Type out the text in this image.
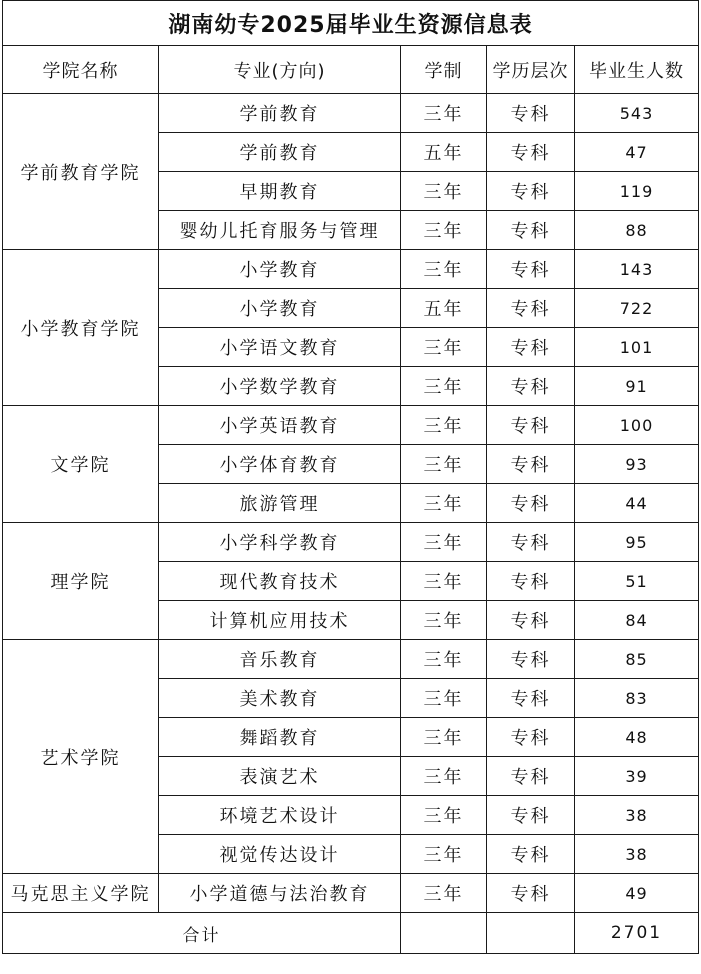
湖南幼专2025届毕业生资源信息表				
学院名称	专业(方向)	学制	学历层次	毕业生人数
学前教育学院	学前教育	三年	专科	543
	学前教育	五年	专科	47
	早期教育	三年	专科	119
	婴幼儿托育服务与管理	三年	专科	88
小学教育学院	小学教育	三年	专科	143
	小学教育	五年	专科	722
	小学语文教育	三年	专科	101
	小学数学教育	三年	专科	91
文学院	小学英语教育	三年	专科	100
	小学体育教育	三年	专科	93
	旅游管理	三年	专科	44
理学院	小学科学教育	三年	专科	95
	现代教育技术	三年	专科	51
	计算机应用技术	三年	专科	84
艺术学院	音乐教育	三年	专科	85
	美术教育	三年	专科	83
	舞蹈教育	三年	专科	48
	表演艺术	三年	专科	39
	环境艺术设计	三年	专科	38
	视觉传达设计	三年	专科	38
马克思主义学院	小学道德与法治教育	三年	专科	49
合计				2701
